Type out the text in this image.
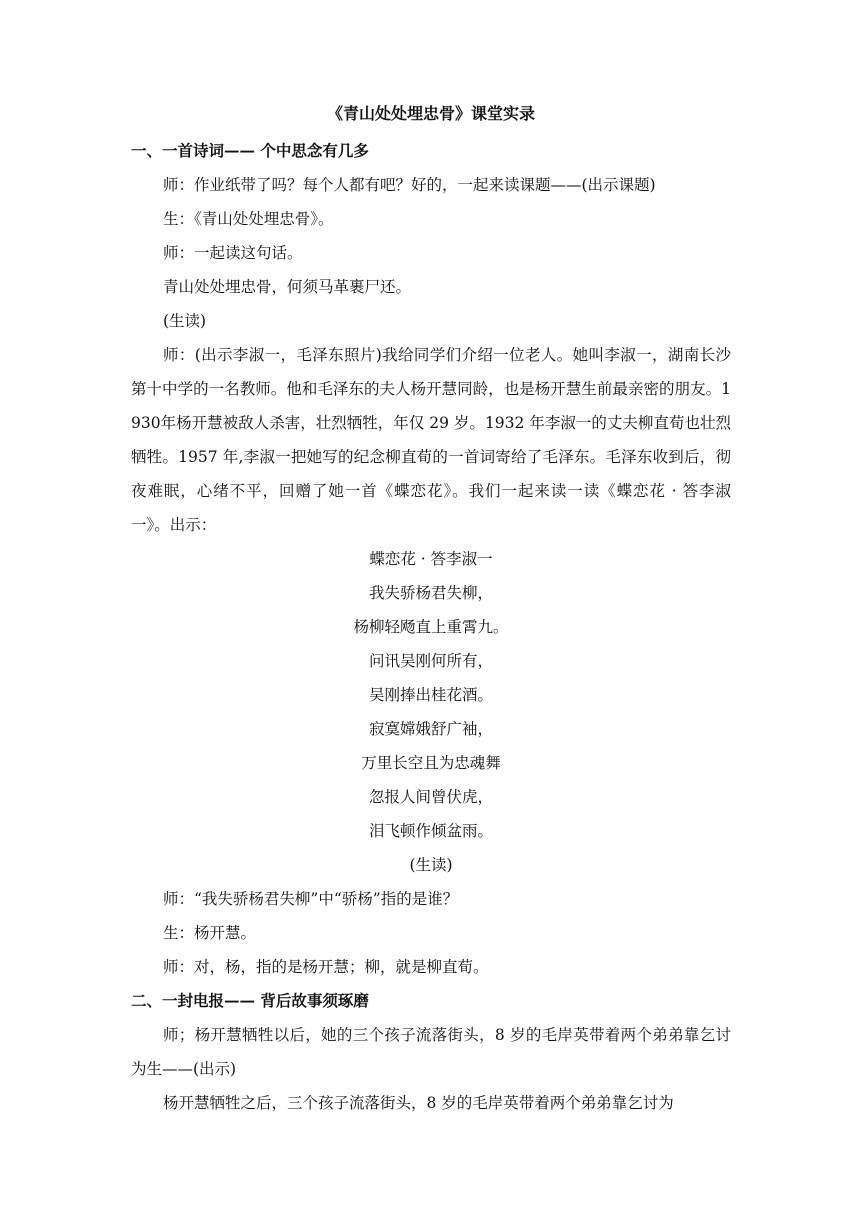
《青山处处埋忠骨》课堂实录
一、一首诗词—— 个中思念有几多
师：作业纸带了吗？每个人都有吧？好的，一起来读课题——(出示课题)
生：《青山处处埋忠骨》。
师：一起读这句话。
青山处处埋忠骨，何须马革裹尸还。
(生读)
师：(出示李淑一，毛泽东照片)我给同学们介绍一位老人。她叫李淑一，湖南长沙第十中学的一名教师。他和毛泽东的夫人杨开慧同龄，也是杨开慧生前最亲密的朋友。1930年杨开慧被敌人杀害，壮烈牺牲，年仅 29 岁。1932 年李淑一的丈夫柳直荀也壮烈牺牲。1957 年,李淑一把她写的纪念柳直荀的一首词寄给了毛泽东。毛泽东收到后，彻夜难眠，心绪不平，回赠了她一首《蝶恋花》。我们一起来读一读《蝶恋花 · 答李淑一》。出示：
蝶恋花 · 答李淑一
我失骄杨君失柳，
杨柳轻飏直上重霄九。
问讯吴刚何所有，
吴刚捧出桂花酒。
寂寞嫦娥舒广袖，
万里长空且为忠魂舞
忽报人间曾伏虎，
泪飞顿作倾盆雨。
(生读)
师：“我失骄杨君失柳”中“骄杨”指的是谁？
生：杨开慧。
师：对，杨，指的是杨开慧；柳，就是柳直荀。
二、一封电报—— 背后故事须琢磨
师；杨开慧牺牲以后，她的三个孩子流落街头，8 岁的毛岸英带着两个弟弟靠乞讨为生——(出示)
杨开慧牺牲之后，三个孩子流落街头，8 岁的毛岸英带着两个弟弟靠乞讨为
